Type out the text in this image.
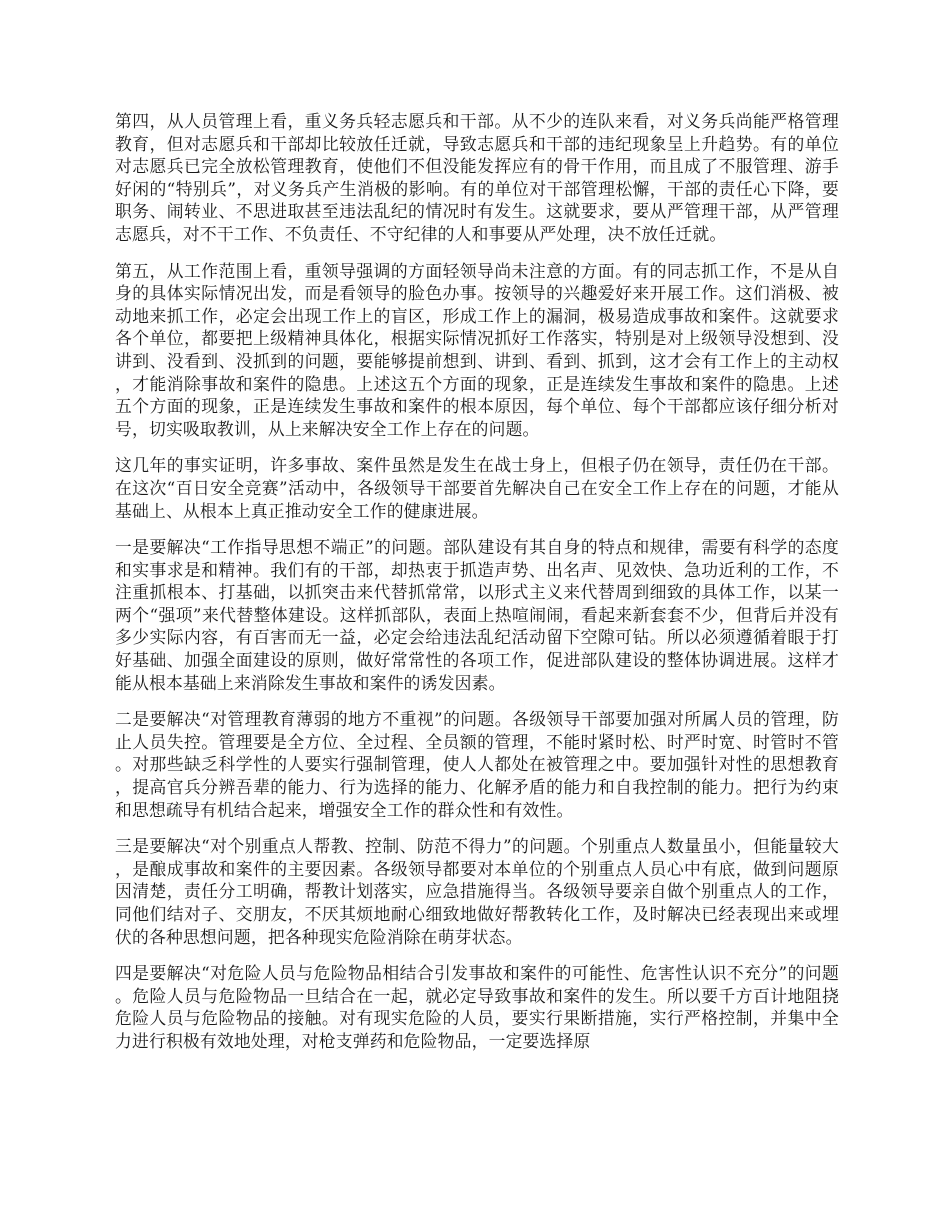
第四，从人员管理上看，重义务兵轻志愿兵和干部。从不少的连队来看，对义务兵尚能严格管理教育，但对志愿兵和干部却比较放任迁就，导致志愿兵和干部的违纪现象呈上升趋势。有的单位对志愿兵已完全放松管理教育，使他们不但没能发挥应有的骨干作用，而且成了不服管理、游手好闲的“特别兵”，对义务兵产生消极的影响。有的单位对干部管理松懈，干部的责任心下降，要职务、闹转业、不思进取甚至违法乱纪的情况时有发生。这就要求，要从严管理干部，从严管理志愿兵，对不干工作、不负责任、不守纪律的人和事要从严处理，决不放任迁就。

第五，从工作范围上看，重领导强调的方面轻领导尚未注意的方面。有的同志抓工作，不是从自身的具体实际情况出发，而是看领导的脸色办事。按领导的兴趣爱好来开展工作。这们消极、被动地来抓工作，必定会出现工作上的盲区，形成工作上的漏洞，极易造成事故和案件。这就要求各个单位，都要把上级精神具体化，根据实际情况抓好工作落实，特别是对上级领导没想到、没讲到、没看到、没抓到的问题，要能够提前想到、讲到、看到、抓到，这才会有工作上的主动权，才能消除事故和案件的隐患。上述这五个方面的现象，正是连续发生事故和案件的隐患。上述五个方面的现象，正是连续发生事故和案件的根本原因，每个单位、每个干部都应该仔细分析对号，切实吸取教训，从上来解决安全工作上存在的问题。

这几年的事实证明，许多事故、案件虽然是发生在战士身上，但根子仍在领导，责任仍在干部。在这次“百日安全竞赛”活动中，各级领导干部要首先解决自己在安全工作上存在的问题，才能从基础上、从根本上真正推动安全工作的健康进展。

一是要解决“工作指导思想不端正”的问题。部队建设有其自身的特点和规律，需要有科学的态度和实事求是和精神。我们有的干部，却热衷于抓造声势、出名声、见效快、急功近利的工作，不注重抓根本、打基础，以抓突击来代替抓常常，以形式主义来代替周到细致的具体工作，以某一两个“强项”来代替整体建设。这样抓部队，表面上热喧闹闹，看起来新套套不少，但背后并没有多少实际内容，有百害而无一益，必定会给违法乱纪活动留下空隙可钻。所以必须遵循着眼于打好基础、加强全面建设的原则，做好常常性的各项工作，促进部队建设的整体协调进展。这样才能从根本基础上来消除发生事故和案件的诱发因素。

二是要解决“对管理教育薄弱的地方不重视”的问题。各级领导干部要加强对所属人员的管理，防止人员失控。管理要是全方位、全过程、全员额的管理，不能时紧时松、时严时宽、时管时不管。对那些缺乏科学性的人要实行强制管理，使人人都处在被管理之中。要加强针对性的思想教育，提高官兵分辨吾辈的能力、行为选择的能力、化解矛盾的能力和自我控制的能力。把行为约束和思想疏导有机结合起来，增强安全工作的群众性和有效性。

三是要解决“对个别重点人帮教、控制、防范不得力”的问题。个别重点人数量虽小，但能量较大，是酿成事故和案件的主要因素。各级领导都要对本单位的个别重点人员心中有底，做到问题原因清楚，责任分工明确，帮教计划落实，应急措施得当。各级领导要亲自做个别重点人的工作，同他们结对子、交朋友，不厌其烦地耐心细致地做好帮教转化工作，及时解决已经表现出来或埋伏的各种思想问题，把各种现实危险消除在萌芽状态。

四是要解决“对危险人员与危险物品相结合引发事故和案件的可能性、危害性认识不充分”的问题。危险人员与危险物品一旦结合在一起，就必定导致事故和案件的发生。所以要千方百计地阻挠危险人员与危险物品的接触。对有现实危险的人员，要实行果断措施，实行严格控制，并集中全力进行积极有效地处理，对枪支弹药和危险物品，一定要选择原
